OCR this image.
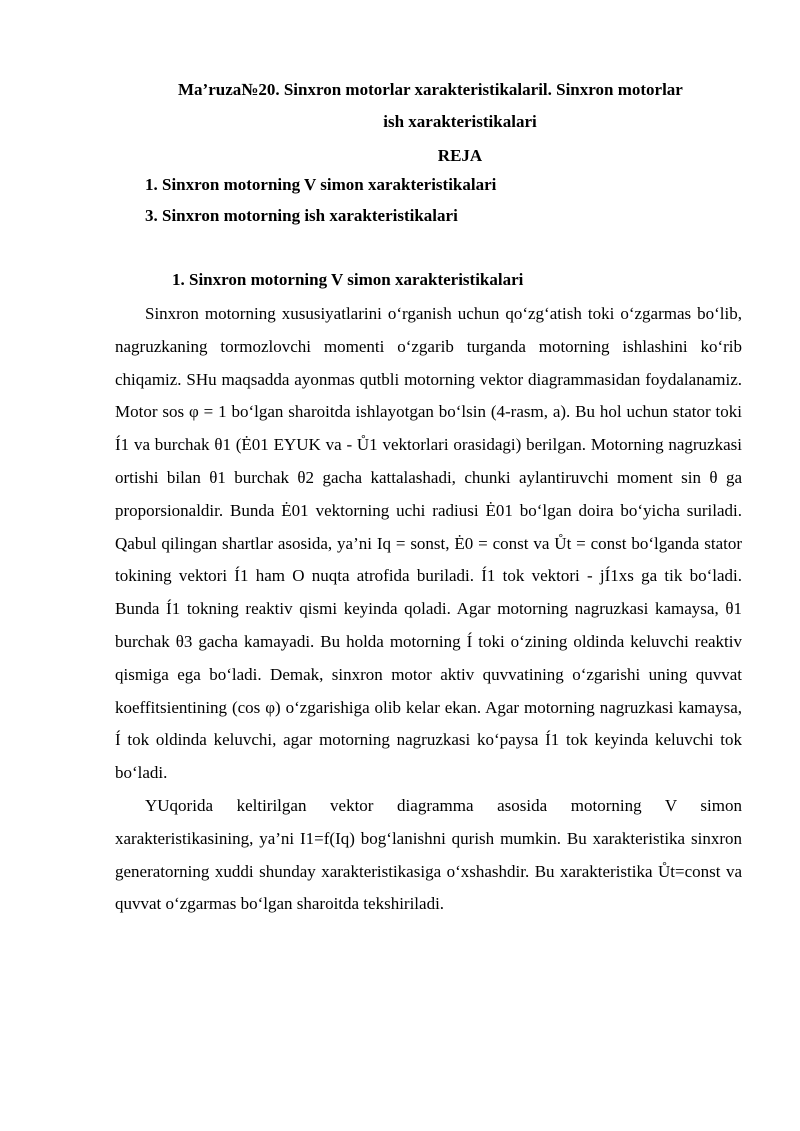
Ma’ruza№20. Sinxron motorlar xarakteristikalaril. Sinxron motorlar
ish xarakteristikalari
REJA
1. Sinxron motorning V simon xarakteristikalari
3. Sinxron motorning ish xarakteristikalari
1. Sinxron motorning V simon xarakteristikalari

Sinxron motorning xususiyatlarini o‘rganish uchun qo‘zg‘atish toki o‘zgarmas bo‘lib, nagruzkaning tormozlovchi momenti o‘zgarib turganda motorning ishlashini ko‘rib chiqamiz. SHu maqsadda ayonmas qutbli motorning vektor diagrammasidan foydalanamiz. Motor sos φ = 1 bo‘lgan sharoitda ishlayotgan bo‘lsin (4-rasm, a). Bu hol uchun stator toki Í1 va burchak θ1 (Ė01 EYUK va - Ů1 vektorlari orasidagi) berilgan. Motorning nagruzkasi ortishi bilan θ1 burchak θ2 gacha kattalashadi, chunki aylantiruvchi moment sin θ ga proporsionaldir. Bunda Ė01 vektorning uchi radiusi Ė01 bo‘lgan doira bo‘yicha suriladi. Qabul qilingan shartlar asosida, ya’ni Iq = sonst, Ė0 = const va Ůt = const bo‘lganda stator tokining vektori Í1 ham O nuqta atrofida buriladi. Í1 tok vektori - jÍ1xs ga tik bo‘ladi. Bunda Í1 tokning reaktiv qismi keyinda qoladi. Agar motorning nagruzkasi kamaysa, θ1 burchak θ3 gacha kamayadi. Bu holda motorning Í toki o‘zining oldinda keluvchi reaktiv qismiga ega bo‘ladi. Demak, sinxron motor aktiv quvvatining o‘zgarishi uning quvvat koeffitsientining (cos φ) o‘zgarishiga olib kelar ekan. Agar motorning nagruzkasi kamaysa, Í tok oldinda keluvchi, agar motorning nagruzkasi ko‘paysa Í1 tok keyinda keluvchi tok bo‘ladi.

YUqorida keltirilgan vektor diagramma asosida motorning V simon xarakteristikasining, ya’ni I1=f(Iq) bog‘lanishni qurish mumkin. Bu xarakteristika sinxron generatorning xuddi shunday xarakteristikasiga o‘xshashdir. Bu xarakteristika Ůt=const va quvvat o‘zgarmas bo‘lgan sharoitda tekshiriladi.
